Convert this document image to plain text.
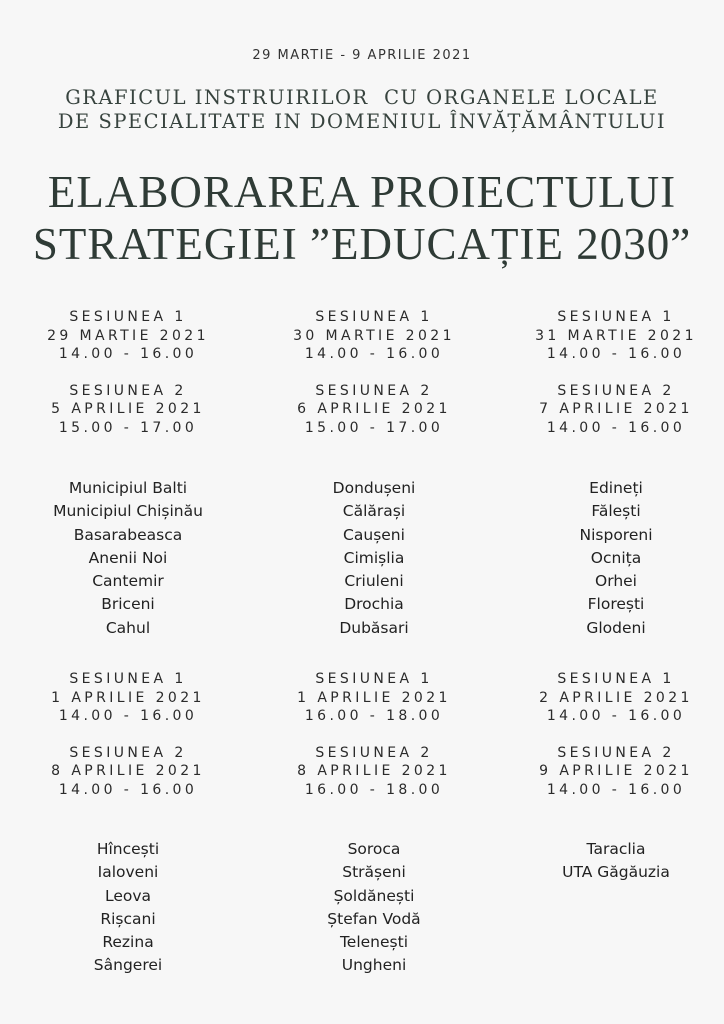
29 MARTIE - 9 APRILIE 2021
GRAFICUL INSTRUIRILOR  CU ORGANELE LOCALE
DE SPECIALITATE IN DOMENIUL ÎNVĂȚĂMÂNTULUI
ELABORAREA PROIECTULUI
STRATEGIEI ”EDUCAȚIE 2030”
SESIUNEA 1
29 MARTIE 2021
14.00 - 16.00
SESIUNEA 2
5 APRILIE 2021
15.00 - 17.00
SESIUNEA 1
30 MARTIE 2021
14.00 - 16.00
SESIUNEA 2
6 APRILIE 2021
15.00 - 17.00
SESIUNEA 1
31 MARTIE 2021
14.00 - 16.00
SESIUNEA 2
7 APRILIE 2021
14.00 - 16.00
Municipiul Balti
Municipiul Chișinău
Basarabeasca
Anenii Noi
Cantemir
Briceni
Cahul
Dondușeni
Călărași
Caușeni
Cimișlia
Criuleni
Drochia
Dubăsari
Edineți
Fălești
Nisporeni
Ocnița
Orhei
Florești
Glodeni
SESIUNEA 1
1 APRILIE 2021
14.00 - 16.00
SESIUNEA 2
8 APRILIE 2021
14.00 - 16.00
SESIUNEA 1
1 APRILIE 2021
16.00 - 18.00
SESIUNEA 2
8 APRILIE 2021
16.00 - 18.00
SESIUNEA 1
2 APRILIE 2021
14.00 - 16.00
SESIUNEA 2
9 APRILIE 2021
14.00 - 16.00
Hîncești
Ialoveni
Leova
Rișcani
Rezina
Sângerei
Soroca
Strășeni
Șoldănești
Ștefan Vodă
Telenești
Ungheni
Taraclia
UTA Găgăuzia
